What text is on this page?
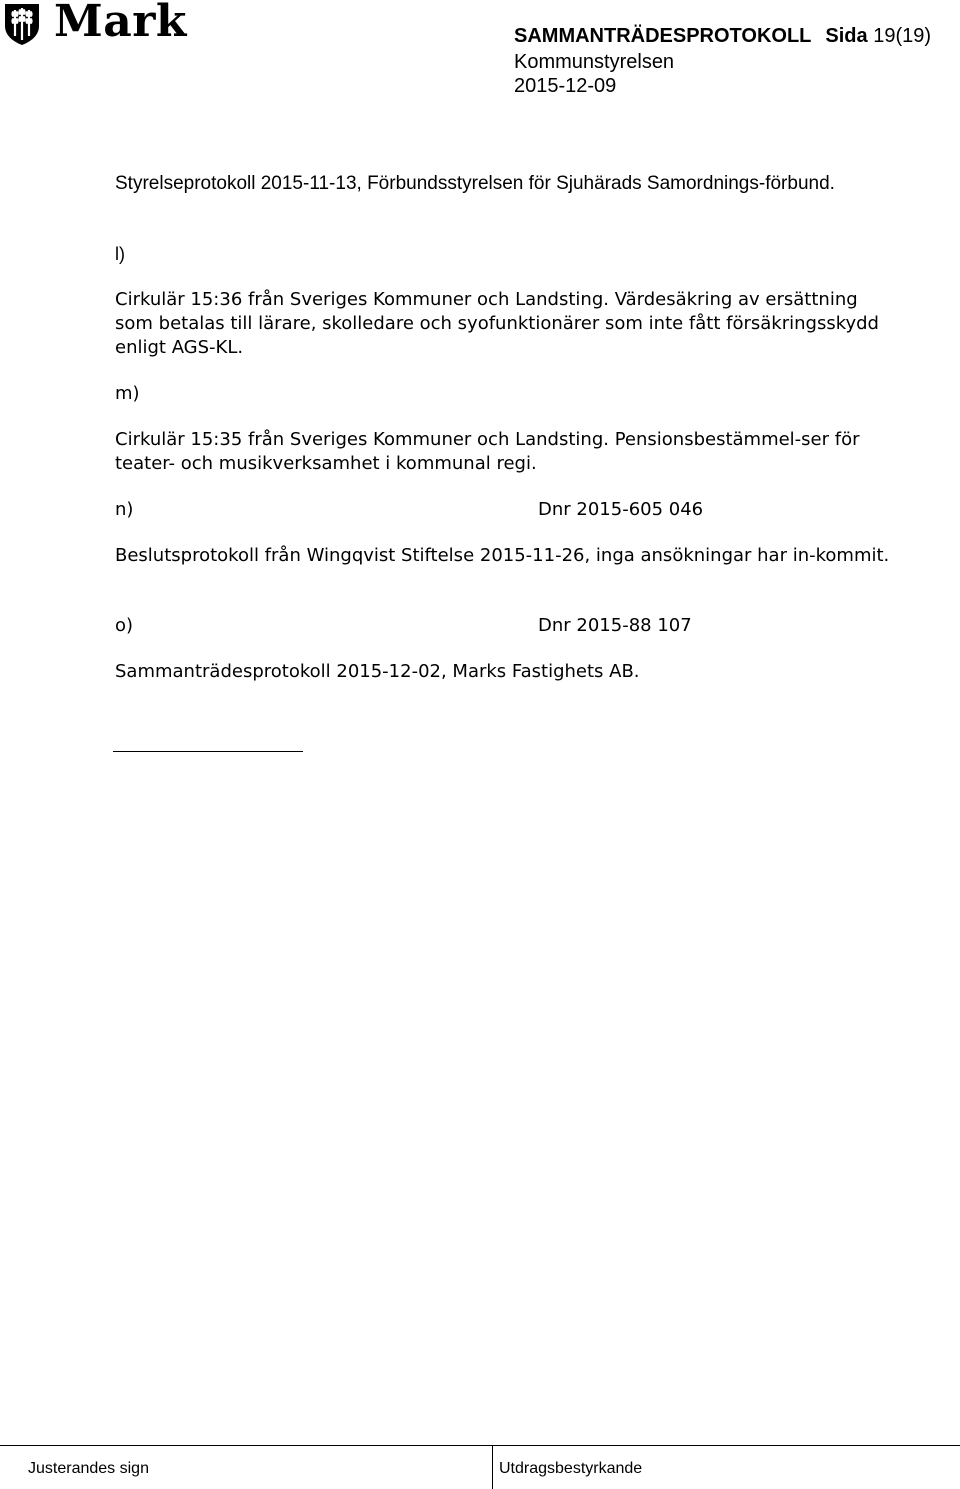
Mark	SAMMANTRÄDESPROTOKOLL Sida 19(19)
Kommunstyrelsen
2015-12-09
Styrelseprotokoll 2015-11-13, Förbundsstyrelsen för Sjuhärads Samordnings-förbund.
l)
Cirkulär 15:36 från Sveriges Kommuner och Landsting. Värdesäkring av ersättning som betalas till lärare, skolledare och syofunktionärer som inte fått försäkringsskydd enligt AGS-KL.
m)
Cirkulär 15:35 från Sveriges Kommuner och Landsting. Pensionsbestämmel-ser för teater- och musikverksamhet i kommunal regi.
n)	Dnr 2015-605 046
Beslutsprotokoll från Wingqvist Stiftelse 2015-11-26, inga ansökningar har in-kommit.
o)	Dnr 2015-88 107
Sammanträdesprotokoll 2015-12-02, Marks Fastighets AB.
Justerandes sign	Utdragsbestyrkande
